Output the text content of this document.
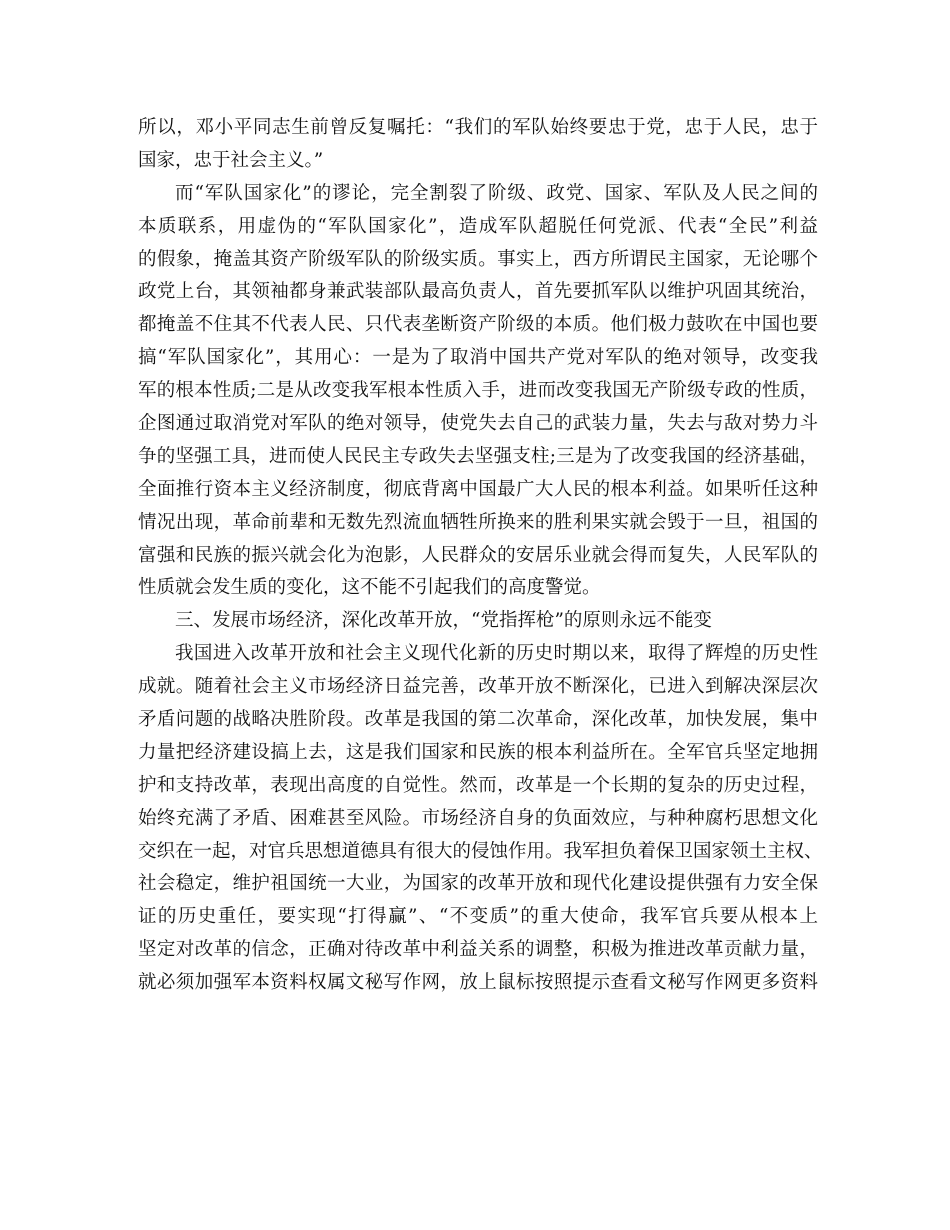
所以，邓小平同志生前曾反复嘱托：“我们的军队始终要忠于党，忠于人民，忠于
国家，忠于社会主义。”
而“军队国家化”的谬论，完全割裂了阶级、政党、国家、军队及人民之间的
本质联系，用虚伪的“军队国家化”，造成军队超脱任何党派、代表“全民”利益
的假象，掩盖其资产阶级军队的阶级实质。事实上，西方所谓民主国家，无论哪个
政党上台，其领袖都身兼武装部队最高负责人，首先要抓军队以维护巩固其统治，
都掩盖不住其不代表人民、只代表垄断资产阶级的本质。他们极力鼓吹在中国也要
搞“军队国家化”，其用心：一是为了取消中国共产党对军队的绝对领导，改变我
军的根本性质;二是从改变我军根本性质入手，进而改变我国无产阶级专政的性质，
企图通过取消党对军队的绝对领导，使党失去自己的武装力量，失去与敌对势力斗
争的坚强工具，进而使人民民主专政失去坚强支柱;三是为了改变我国的经济基础，
全面推行资本主义经济制度，彻底背离中国最广大人民的根本利益。如果听任这种
情况出现，革命前辈和无数先烈流血牺牲所换来的胜利果实就会毁于一旦，祖国的
富强和民族的振兴就会化为泡影，人民群众的安居乐业就会得而复失，人民军队的
性质就会发生质的变化，这不能不引起我们的高度警觉。
三、发展市场经济，深化改革开放，“党指挥枪”的原则永远不能变
我国进入改革开放和社会主义现代化新的历史时期以来，取得了辉煌的历史性
成就。随着社会主义市场经济日益完善，改革开放不断深化，已进入到解决深层次
矛盾问题的战略决胜阶段。改革是我国的第二次革命，深化改革，加快发展，集中
力量把经济建设搞上去，这是我们国家和民族的根本利益所在。全军官兵坚定地拥
护和支持改革，表现出高度的自觉性。然而，改革是一个长期的复杂的历史过程，
始终充满了矛盾、困难甚至风险。市场经济自身的负面效应，与种种腐朽思想文化
交织在一起，对官兵思想道德具有很大的侵蚀作用。我军担负着保卫国家领土主权、
社会稳定，维护祖国统一大业，为国家的改革开放和现代化建设提供强有力安全保
证的历史重任，要实现“打得赢”、“不变质”的重大使命，我军官兵要从根本上
坚定对改革的信念，正确对待改革中利益关系的调整，积极为推进改革贡献力量，
就必须加强军本资料权属文秘写作网，放上鼠标按照提示查看文秘写作网更多资料
